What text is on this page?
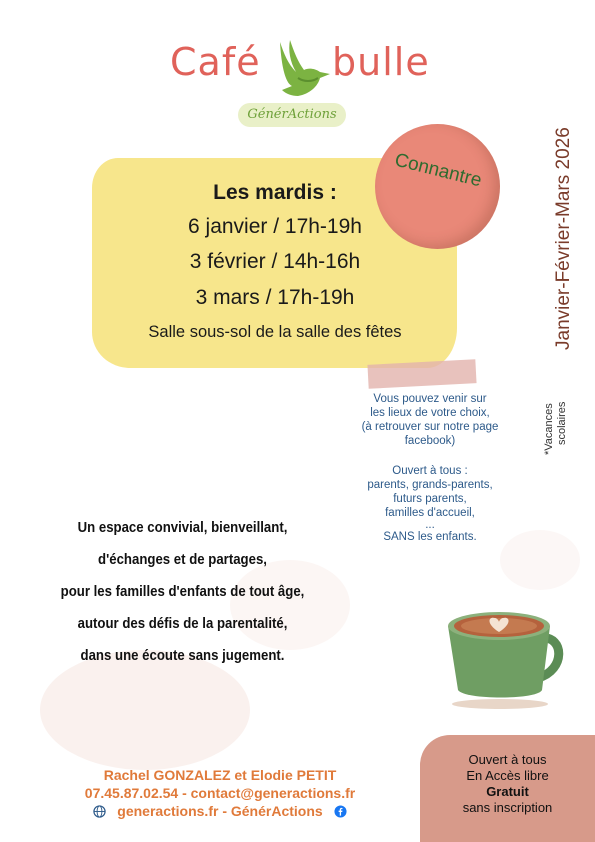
Café bulle
GénérActions
Les mardis :
6 janvier / 17h-19h
3 février / 14h-16h
3 mars / 17h-19h
Salle sous-sol de la salle des fêtes
Connantre	Janvier-Février-Mars 2026
*Vacances scolaires
Vous pouvez venir sur
les lieux de votre choix,
(à retrouver sur notre page
facebook)
Ouvert à tous :
parents, grands-parents,
futurs parents,
familles d'accueil,
...
SANS les enfants.
Un espace convivial, bienveillant,
d'échanges et de partages,
pour les familles d'enfants de tout âge,
autour des défis de la parentalité,
dans une écoute sans jugement.
Ouvert à tous
En Accès libre
Gratuit
sans inscription
Rachel GONZALEZ et Elodie PETIT
07.45.87.02.54 - contact@generactions.fr
generactions.fr - GénérActions
